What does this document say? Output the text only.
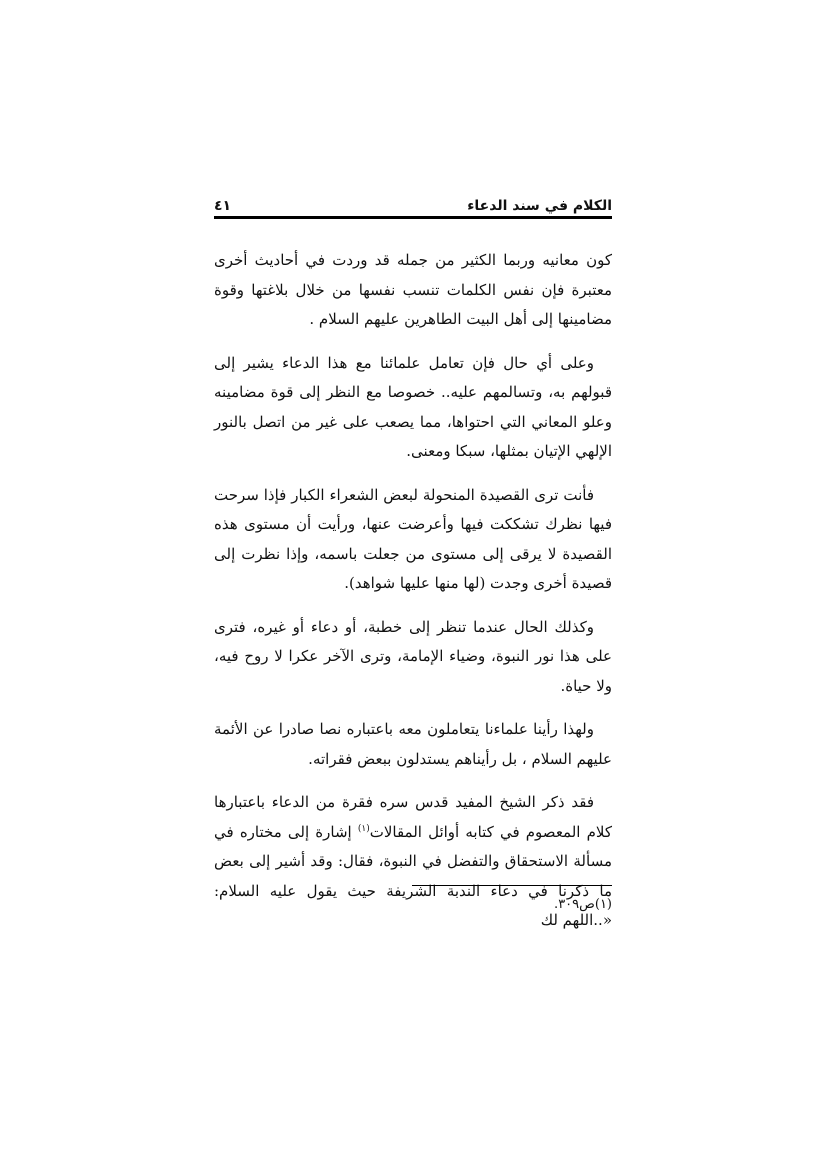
الكلام في سند الدعاء
٤١

كون معانيه وربما الكثير من جمله قد وردت في أحاديث أخرى معتبرة فإن نفس الكلمات تنسب نفسها من خلال بلاغتها وقوة مضامينها إلى أهل البيت الطاهرين عليهم السلام .

وعلى أي حال فإن تعامل علمائنا مع هذا الدعاء يشير إلى قبولهم به، وتسالمهم عليه.. خصوصا مع النظر إلى قوة مضامينه وعلو المعاني التي احتواها، مما يصعب على غير من اتصل بالنور الإلهي الإتيان بمثلها، سبكا ومعنى.

فأنت ترى القصيدة المنحولة لبعض الشعراء الكبار فإذا سرحت فيها نظرك تشككت فيها وأعرضت عنها، ورأيت أن مستوى هذه القصيدة لا يرقى إلى مستوى من جعلت باسمه، وإذا نظرت إلى قصيدة أخرى وجدت (لها منها عليها شواهد).

وكذلك الحال عندما تنظر إلى خطبة، أو دعاء أو غيره، فترى على هذا نور النبوة، وضياء الإمامة، وترى الآخر عكرا لا روح فيه، ولا حياة.

ولهذا رأينا علماءنا يتعاملون معه باعتباره نصا صادرا عن الأئمة عليهم السلام ، بل رأيناهم يستدلون ببعض فقراته.

فقد ذكر الشيخ المفيد قدس سره فقرة من الدعاء باعتبارها كلام المعصوم في كتابه أوائل المقالات$^{(١)}$ إشارة إلى مختاره في مسألة الاستحقاق والتفضل في النبوة، فقال: وقد أشير إلى بعض ما ذكرنا في دعاء الندبة الشريفة حيث يقول عليه السلام: «..اللهم لك

(١)ص٣٠٩.
